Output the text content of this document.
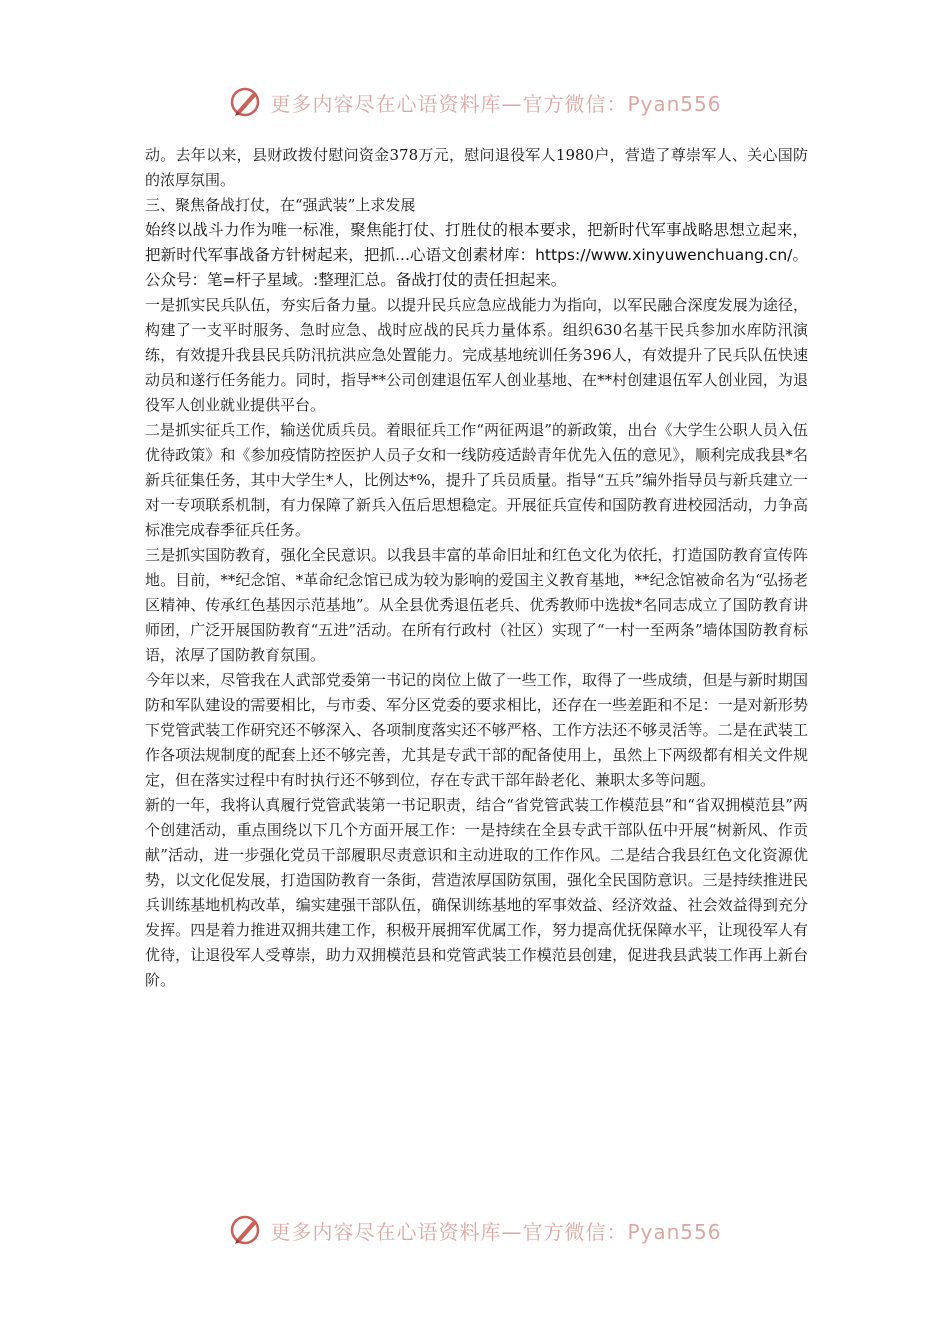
更多内容尽在心语资料库—官方微信：Pyan556

动。去年以来，县财政拨付慰问资金378万元，慰问退役军人1980户，营造了尊崇军人、关心国防的浓厚氛围。

三、聚焦备战打仗，在“强武装”上求发展

始终以战斗力作为唯一标准，聚焦能打仗、打胜仗的根本要求，把新时代军事战略思想立起来，把新时代军事战备方针树起来，把抓...心语文创素材库：https://www.xinyuwenchuang.cn/。公众号：笔=杆子星域。:整理汇总。备战打仗的责任担起来。

一是抓实民兵队伍，夯实后备力量。以提升民兵应急应战能力为指向，以军民融合深度发展为途径，构建了一支平时服务、急时应急、战时应战的民兵力量体系。组织630名基干民兵参加水库防汛演练，有效提升我县民兵防汛抗洪应急处置能力。完成基地统训任务396人，有效提升了民兵队伍快速动员和遂行任务能力。同时，指导**公司创建退伍军人创业基地、在**村创建退伍军人创业园，为退役军人创业就业提供平台。

二是抓实征兵工作，输送优质兵员。着眼征兵工作“两征两退”的新政策，出台《大学生公职人员入伍优待政策》和《参加疫情防控医护人员子女和一线防疫适龄青年优先入伍的意见》，顺利完成我县*名新兵征集任务，其中大学生*人，比例达*%，提升了兵员质量。指导“五兵”编外指导员与新兵建立一对一专项联系机制，有力保障了新兵入伍后思想稳定。开展征兵宣传和国防教育进校园活动，力争高标准完成春季征兵任务。

三是抓实国防教育，强化全民意识。以我县丰富的革命旧址和红色文化为依托，打造国防教育宣传阵地。目前，**纪念馆、*革命纪念馆已成为较为影响的爱国主义教育基地，**纪念馆被命名为“弘扬老区精神、传承红色基因示范基地”。从全县优秀退伍老兵、优秀教师中选拔*名同志成立了国防教育讲师团，广泛开展国防教育“五进”活动。在所有行政村（社区）实现了“一村一至两条”墙体国防教育标语，浓厚了国防教育氛围。

今年以来，尽管我在人武部党委第一书记的岗位上做了一些工作，取得了一些成绩，但是与新时期国防和军队建设的需要相比，与市委、军分区党委的要求相比，还存在一些差距和不足：一是对新形势下党管武装工作研究还不够深入、各项制度落实还不够严格、工作方法还不够灵活等。二是在武装工作各项法规制度的配套上还不够完善，尤其是专武干部的配备使用上，虽然上下两级都有相关文件规定，但在落实过程中有时执行还不够到位，存在专武干部年龄老化、兼职太多等问题。

新的一年，我将认真履行党管武装第一书记职责，结合“省党管武装工作模范县”和“省双拥模范县”两个创建活动，重点围绕以下几个方面开展工作：一是持续在全县专武干部队伍中开展“树新风、作贡献”活动，进一步强化党员干部履职尽责意识和主动进取的工作作风。二是结合我县红色文化资源优势，以文化促发展，打造国防教育一条街，营造浓厚国防氛围，强化全民国防意识。三是持续推进民兵训练基地机构改革，编实建强干部队伍，确保训练基地的军事效益、经济效益、社会效益得到充分发挥。四是着力推进双拥共建工作，积极开展拥军优属工作，努力提高优抚保障水平，让现役军人有优待，让退役军人受尊崇，助力双拥模范县和党管武装工作模范县创建，促进我县武装工作再上新台阶。

更多内容尽在心语资料库—官方微信：Pyan556
